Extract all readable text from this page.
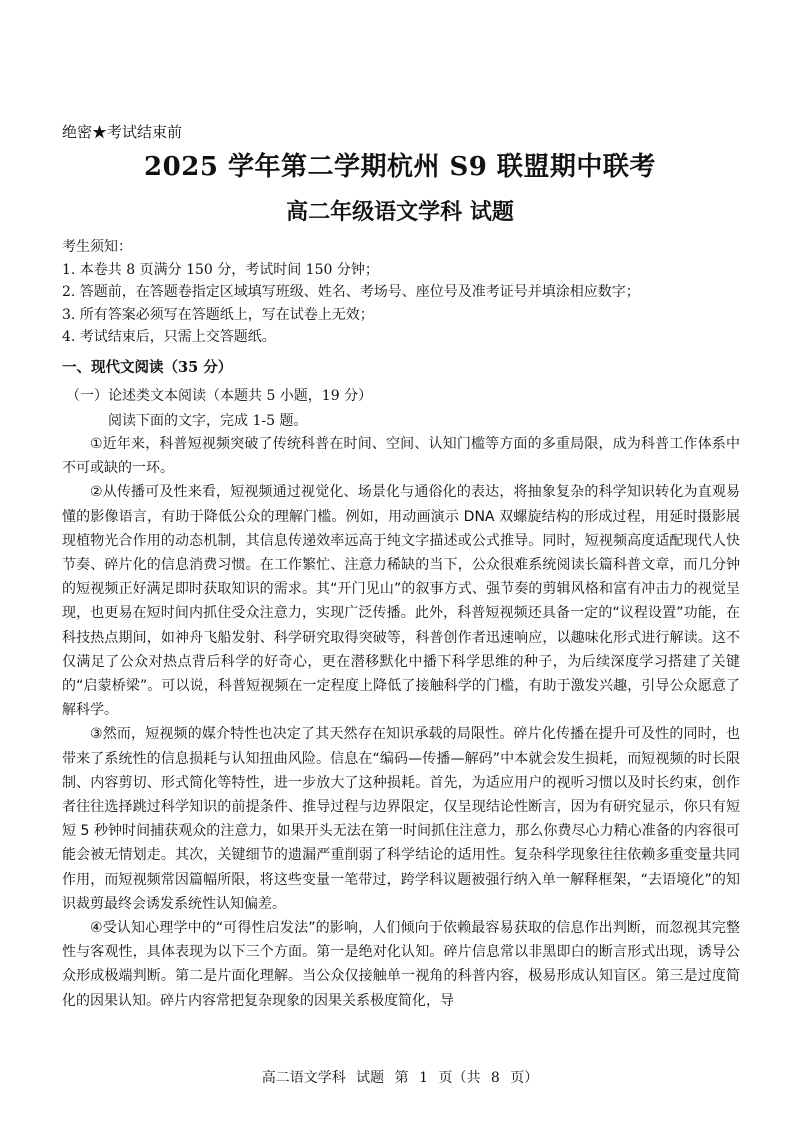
绝密★考试结束前
2025 学年第二学期杭州 S9 联盟期中联考
高二年级语文学科 试题
考生须知：
1. 本卷共 8 页满分 150 分，考试时间 150 分钟；
2. 答题前，在答题卷指定区域填写班级、姓名、考场号、座位号及准考证号并填涂相应数字；
3. 所有答案必须写在答题纸上，写在试卷上无效；
4. 考试结束后，只需上交答题纸。
一、现代文阅读（35 分）
（一）论述类文本阅读（本题共 5 小题，19 分）
阅读下面的文字，完成 1-5 题。

①近年来，科普短视频突破了传统科普在时间、空间、认知门槛等方面的多重局限，成为科普工作体系中不可或缺的一环。

②从传播可及性来看，短视频通过视觉化、场景化与通俗化的表达，将抽象复杂的科学知识转化为直观易懂的影像语言，有助于降低公众的理解门槛。例如，用动画演示 DNA 双螺旋结构的形成过程，用延时摄影展现植物光合作用的动态机制，其信息传递效率远高于纯文字描述或公式推导。同时，短视频高度适配现代人快节奏、碎片化的信息消费习惯。在工作繁忙、注意力稀缺的当下，公众很难系统阅读长篇科普文章，而几分钟的短视频正好满足即时获取知识的需求。其“开门见山”的叙事方式、强节奏的剪辑风格和富有冲击力的视觉呈现，也更易在短时间内抓住受众注意力，实现广泛传播。此外，科普短视频还具备一定的“议程设置”功能，在科技热点期间，如神舟飞船发射、科学研究取得突破等，科普创作者迅速响应，以趣味化形式进行解读。这不仅满足了公众对热点背后科学的好奇心，更在潜移默化中播下科学思维的种子，为后续深度学习搭建了关键的“启蒙桥梁”。可以说，科普短视频在一定程度上降低了接触科学的门槛，有助于激发兴趣，引导公众愿意了解科学。

③然而，短视频的媒介特性也决定了其天然存在知识承载的局限性。碎片化传播在提升可及性的同时，也带来了系统性的信息损耗与认知扭曲风险。信息在“编码—传播—解码”中本就会发生损耗，而短视频的时长限制、内容剪切、形式简化等特性，进一步放大了这种损耗。首先，为适应用户的视听习惯以及时长约束，创作者往往选择跳过科学知识的前提条件、推导过程与边界限定，仅呈现结论性断言，因为有研究显示，你只有短短 5 秒钟时间捕获观众的注意力，如果开头无法在第一时间抓住注意力，那么你费尽心力精心准备的内容很可能会被无情划走。其次，关键细节的遗漏严重削弱了科学结论的适用性。复杂科学现象往往依赖多重变量共同作用，而短视频常因篇幅所限，将这些变量一笔带过，跨学科议题被强行纳入单一解释框架，“去语境化”的知识裁剪最终会诱发系统性认知偏差。

④受认知心理学中的“可得性启发法”的影响，人们倾向于依赖最容易获取的信息作出判断，而忽视其完整性与客观性，具体表现为以下三个方面。第一是绝对化认知。碎片信息常以非黑即白的断言形式出现，诱导公众形成极端判断。第二是片面化理解。当公众仅接触单一视角的科普内容，极易形成认知盲区。第三是过度简化的因果认知。碎片内容常把复杂现象的因果关系极度简化，导

高二语文学科 试题 第 1 页（共 8 页）
